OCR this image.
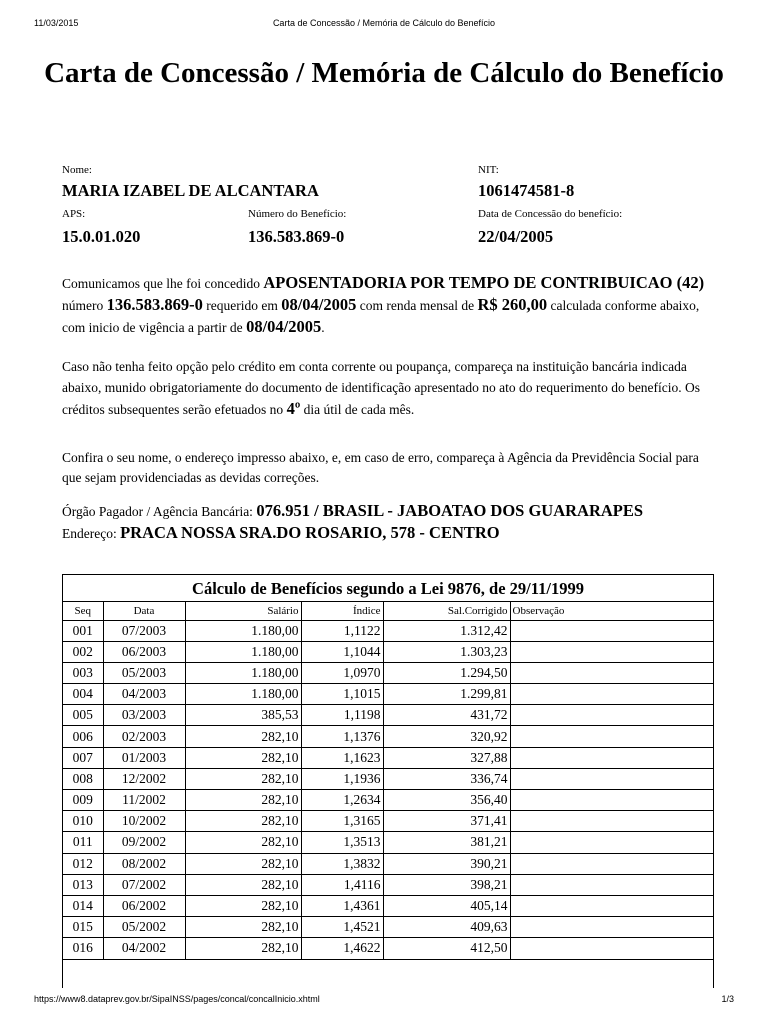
11/03/2015	Carta de Concessão / Memória de Cálculo do Benefício
Carta de Concessão / Memória de Cálculo do Benefício
Nome:
MARIA IZABEL DE ALCANTARA
NIT:
1061474581-8
APS:
15.0.01.020
Número do Benefício:
136.583.869-0
Data de Concessão do benefício:
22/04/2005
Comunicamos que lhe foi concedido APOSENTADORIA POR TEMPO DE CONTRIBUICAO (42) número 136.583.869-0 requerido em 08/04/2005 com renda mensal de R$ 260,00 calculada conforme abaixo, com inicio de vigência a partir de 08/04/2005.
Caso não tenha feito opção pelo crédito em conta corrente ou poupança, compareça na instituição bancária indicada abaixo, munido obrigatoriamente do documento de identificação apresentado no ato do requerimento do benefício. Os créditos subsequentes serão efetuados no 4º dia útil de cada mês.
Confira o seu nome, o endereço impresso abaixo, e, em caso de erro, compareça à Agência da Previdência Social para que sejam providenciadas as devidas correções.
Órgão Pagador / Agência Bancária: 076.951 / BRASIL - JABOATAO DOS GUARARAPES
Endereço: PRACA NOSSA SRA.DO ROSARIO, 578 - CENTRO
Cálculo de Benefícios segundo a Lei 9876, de 29/11/1999
Seq	Data	Salário	Índice	Sal.Corrigido	Observação
001	07/2003	1.180,00	1,1122	1.312,42	
002	06/2003	1.180,00	1,1044	1.303,23	
003	05/2003	1.180,00	1,0970	1.294,50	
004	04/2003	1.180,00	1,1015	1.299,81	
005	03/2003	385,53	1,1198	431,72	
006	02/2003	282,10	1,1376	320,92	
007	01/2003	282,10	1,1623	327,88	
008	12/2002	282,10	1,1936	336,74	
009	11/2002	282,10	1,2634	356,40	
010	10/2002	282,10	1,3165	371,41	
011	09/2002	282,10	1,3513	381,21	
012	08/2002	282,10	1,3832	390,21	
013	07/2002	282,10	1,4116	398,21	
014	06/2002	282,10	1,4361	405,14	
015	05/2002	282,10	1,4521	409,63	
016	04/2002	282,10	1,4622	412,50	
https://www8.dataprev.gov.br/SipaINSS/pages/concal/concalInicio.xhtml	1/3
